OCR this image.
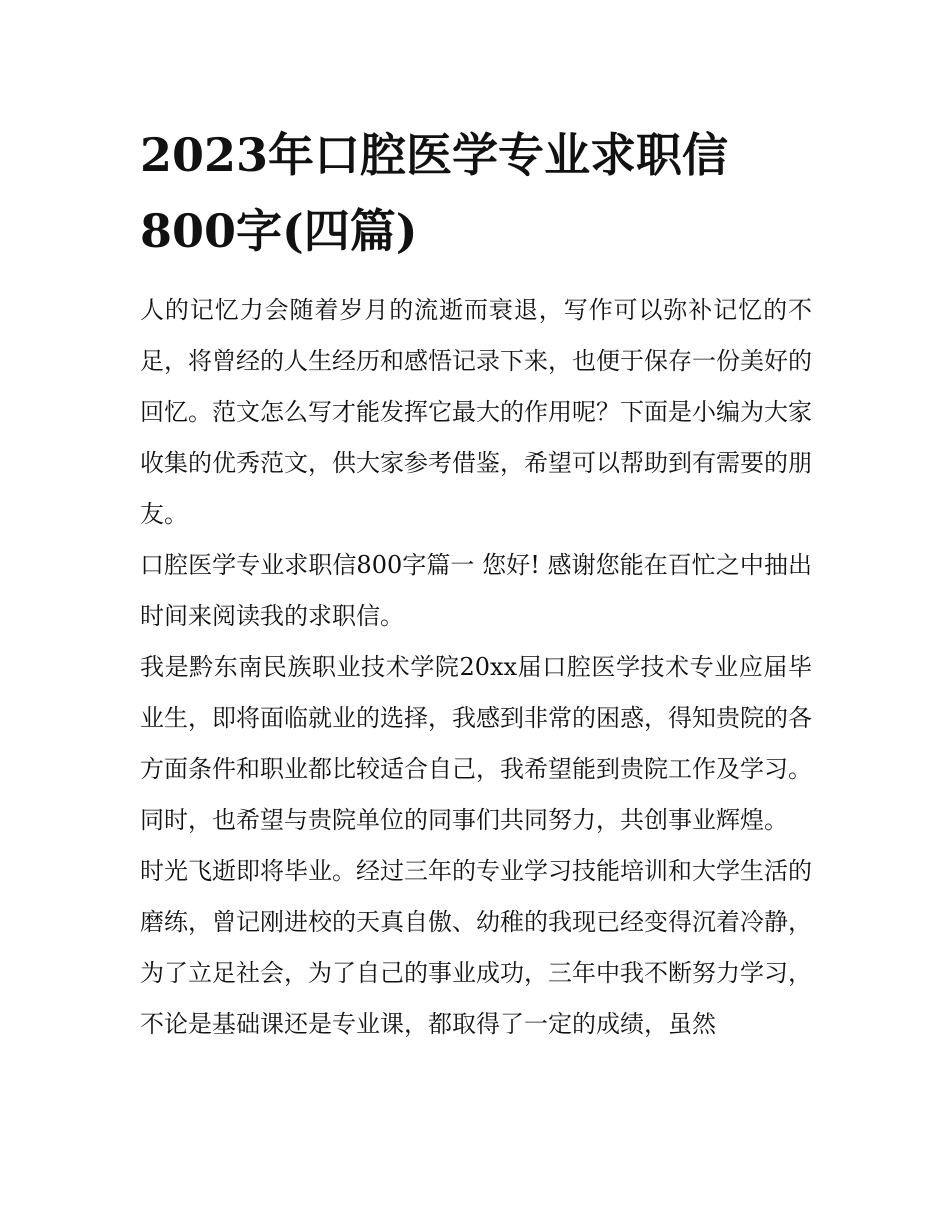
2023年口腔医学专业求职信
800字(四篇)

人的记忆力会随着岁月的流逝而衰退，写作可以弥补记忆的不足，将曾经的人生经历和感悟记录下来，也便于保存一份美好的回忆。范文怎么写才能发挥它最大的作用呢？下面是小编为大家收集的优秀范文，供大家参考借鉴，希望可以帮助到有需要的朋友。

口腔医学专业求职信800字篇一 您好! 感谢您能在百忙之中抽出时间来阅读我的求职信。

我是黔东南民族职业技术学院20xx届口腔医学技术专业应届毕业生，即将面临就业的选择，我感到非常的困惑，得知贵院的各方面条件和职业都比较适合自己，我希望能到贵院工作及学习。同时，也希望与贵院单位的同事们共同努力，共创事业辉煌。

时光飞逝即将毕业。经过三年的专业学习技能培训和大学生活的磨练，曾记刚进校的天真自傲、幼稚的我现已经变得沉着冷静，为了立足社会，为了自己的事业成功，三年中我不断努力学习，不论是基础课还是专业课，都取得了一定的成绩，虽然
